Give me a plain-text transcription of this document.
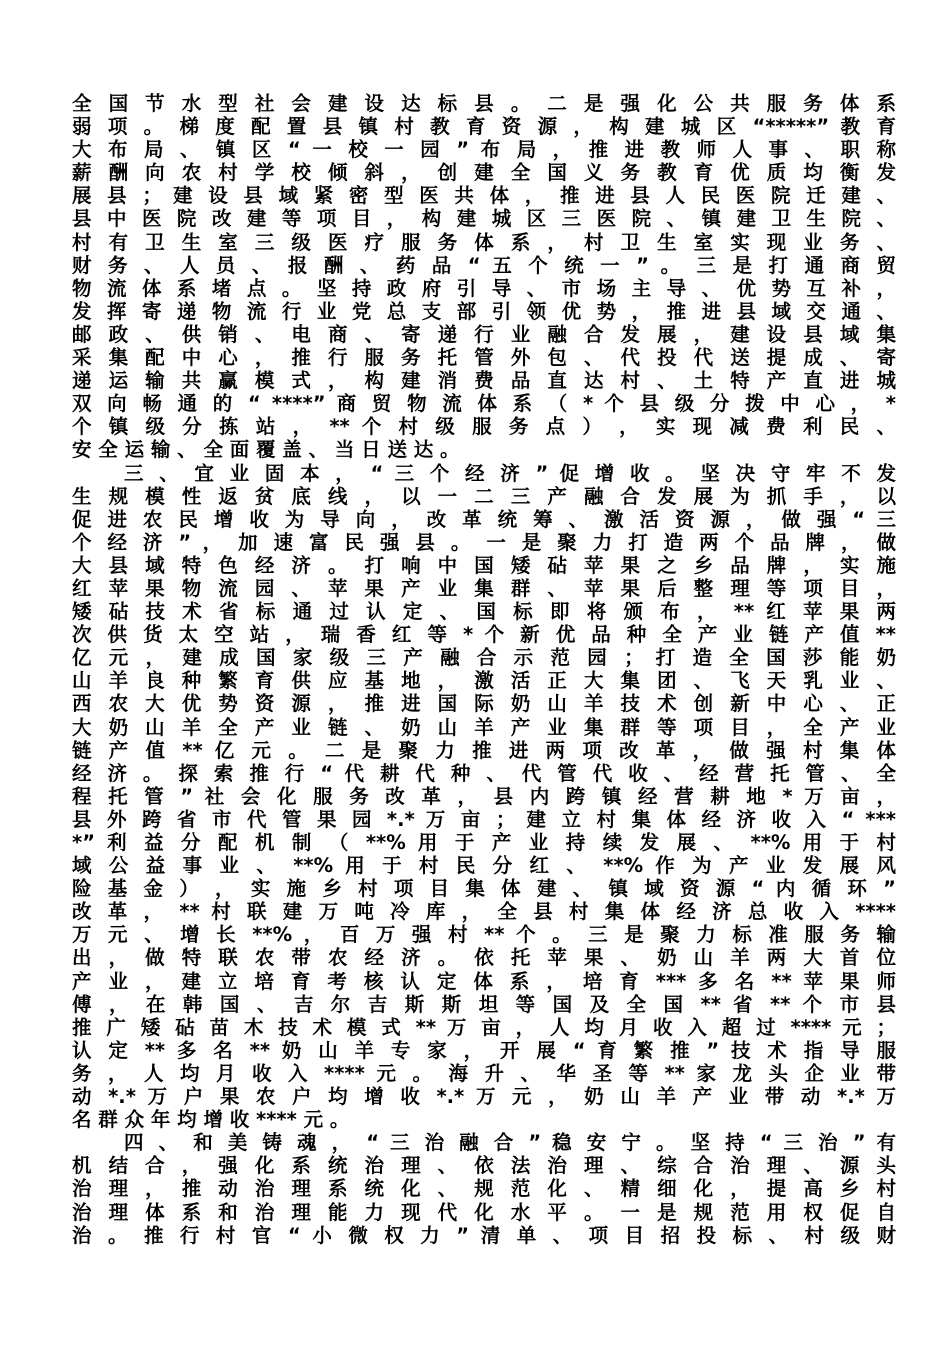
全 国 节 水 型 社 会 建 设 达 标 县 。 二 是 强 化 公 共 服 务 体 系
弱 项 。 梯 度 配 置 县 镇 村 教 育 资 源 ， 构 建 城 区 “*****” 教 育
大 布 局 、 镇 区 “ 一 校 一 园 ” 布 局 ， 推 进 教 师 人 事 、 职 称
薪 酬 向 农 村 学 校 倾 斜 ， 创 建 全 国 义 务 教 育 优 质 均 衡 发
展 县 ； 建 设 县 域 紧 密 型 医 共 体 ， 推 进 县 人 民 医 院 迁 建 、
县 中 医 院 改 建 等 项 目 ， 构 建 城 区 三 医 院 、 镇 建 卫 生 院 、
村 有 卫 生 室 三 级 医 疗 服 务 体 系 ， 村 卫 生 室 实 现 业 务 、
财 务 、 人 员 、 报 酬 、 药 品 “ 五 个 统 一 ” 。 三 是 打 通 商 贸
物 流 体 系 堵 点 。 坚 持 政 府 引 导 、 市 场 主 导 、 优 势 互 补 ，
发 挥 寄 递 物 流 行 业 党 总 支 部 引 领 优 势 ， 推 进 县 域 交 通 、
邮 政 、 供 销 、 电 商 、 寄 递 行 业 融 合 发 展 ， 建 设 县 域 集
采 集 配 中 心 ， 推 行 服 务 托 管 外 包 、 代 投 代 送 提 成 、 寄
递 运 输 共 赢 模 式 ， 构 建 消 费 品 直 达 村 、 土 特 产 直 进 城
双 向 畅 通 的 “ ****” 商 贸 物 流 体 系 （ * 个 县 级 分 拨 中 心 ， *
个 镇 级 分 拣 站 ， ** 个 村 级 服 务 点 ） ， 实 现 减 费 利 民 、
安 全 运 输 、 全 面 覆 盖 、 当 日 送 达 。
三 、 宜 业 固 本 ， “ 三 个 经 济 ” 促 增 收 。 坚 决 守 牢 不 发
生 规 模 性 返 贫 底 线 ， 以 一 二 三 产 融 合 发 展 为 抓 手 ， 以
促 进 农 民 增 收 为 导 向 ， 改 革 统 筹 、 激 活 资 源 ， 做 强 “ 三
个 经 济 ” ， 加 速 富 民 强 县 。 一 是 聚 力 打 造 两 个 品 牌 ， 做
大 县 域 特 色 经 济 。 打 响 中 国 矮 砧 苹 果 之 乡 品 牌 ， 实 施
红 苹 果 物 流 园 、 苹 果 产 业 集 群 、 苹 果 后 整 理 等 项 目 ，
矮 砧 技 术 省 标 通 过 认 定 、 国 标 即 将 颁 布 ， ** 红 苹 果 两
次 供 货 太 空 站 ， 瑞 香 红 等 * 个 新 优 品 种 全 产 业 链 产 值 **
亿 元 ， 建 成 国 家 级 三 产 融 合 示 范 园 ； 打 造 全 国 莎 能 奶
山 羊 良 种 繁 育 供 应 基 地 ， 激 活 正 大 集 团 、 飞 天 乳 业 、
西 农 大 优 势 资 源 ， 推 进 国 际 奶 山 羊 技 术 创 新 中 心 、 正
大 奶 山 羊 全 产 业 链 、 奶 山 羊 产 业 集 群 等 项 目 ， 全 产 业
链 产 值 ** 亿 元 。 二 是 聚 力 推 进 两 项 改 革 ， 做 强 村 集 体
经 济 。 探 索 推 行 “ 代 耕 代 种 、 代 管 代 收 、 经 营 托 管 、 全
程 托 管 ” 社 会 化 服 务 改 革 ， 县 内 跨 镇 经 营 耕 地 * 万 亩 ，
县 外 跨 省 市 代 管 果 园 *.* 万 亩 ； 建 立 村 集 体 经 济 收 入 “ ***
*” 利 益 分 配 机 制 （ **% 用 于 产 业 持 续 发 展 、 **% 用 于 村
域 公 益 事 业 、 **% 用 于 村 民 分 红 、 **% 作 为 产 业 发 展 风
险 基 金 ） ， 实 施 乡 村 项 目 集 体 建 、 镇 域 资 源 “ 内 循 环 ”
改 革 ， ** 村 联 建 万 吨 冷 库 ， 全 县 村 集 体 经 济 总 收 入 ****
万 元 、 增 长 **% ， 百 万 强 村 ** 个 。 三 是 聚 力 标 准 服 务 输
出 ， 做 特 联 农 带 农 经 济 。 依 托 苹 果 、 奶 山 羊 两 大 首 位
产 业 ， 建 立 培 育 考 核 认 定 体 系 ， 培 育 *** 多 名 ** 苹 果 师
傅 ， 在 韩 国 、 吉 尔 吉 斯 斯 坦 等 国 及 全 国 ** 省 ** 个 市 县
推 广 矮 砧 苗 木 技 术 模 式 ** 万 亩 ， 人 均 月 收 入 超 过 **** 元 ；
认 定 ** 多 名 ** 奶 山 羊 专 家 ， 开 展 “ 育 繁 推 ” 技 术 指 导 服
务 ， 人 均 月 收 入 **** 元 。 海 升 、 华 圣 等 ** 家 龙 头 企 业 带
动 *.* 万 户 果 农 户 均 增 收 *.* 万 元 ， 奶 山 羊 产 业 带 动 *.* 万
名 群 众 年 均 增 收 **** 元 。
四 、 和 美 铸 魂 ， “ 三 治 融 合 ” 稳 安 宁 。 坚 持 “ 三 治 ” 有
机 结 合 ， 强 化 系 统 治 理 、 依 法 治 理 、 综 合 治 理 、 源 头
治 理 ， 推 动 治 理 系 统 化 、 规 范 化 、 精 细 化 ， 提 高 乡 村
治 理 体 系 和 治 理 能 力 现 代 化 水 平 。 一 是 规 范 用 权 促 自
治 。 推 行 村 官 “ 小 微 权 力 ” 清 单 、 项 目 招 投 标 、 村 级 财
